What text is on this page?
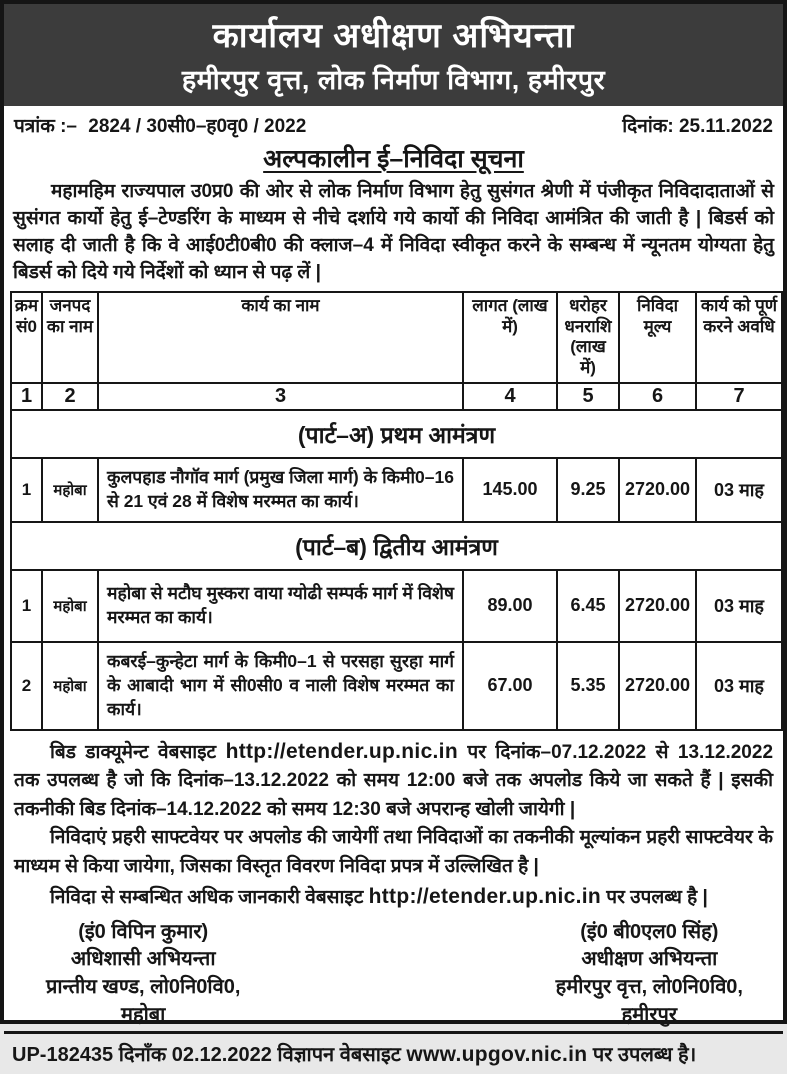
कार्यालय अधीक्षण अभियन्ता
हमीरपुर वृत्त, लोक निर्माण विभाग, हमीरपुर
पत्रांक :– 2824 / 30सी0–ह0वृ0 / 2022	दिनांक: 25.11.2022
अल्पकालीन ई–निविदा सूचना
महामहिम राज्यपाल उ0प्र0 की ओर से लोक निर्माण विभाग हेतु सुसंगत श्रेणी में पंजीकृत निविदादाताओं से सुसंगत कार्यो हेतु ई–टेण्डरिंग के माध्यम से नीचे दर्शाये गये कार्यो की निविदा आमंत्रित की जाती है | बिडर्स को सलाह दी जाती है कि वे आई0टी0बी0 की क्लाज–4 में निविदा स्वीकृत करने के सम्बन्ध में न्यूनतम योग्यता हेतु बिडर्स को दिये गये निर्देशों को ध्यान से पढ़ लें |
क्रम सं0	जनपद का नाम	कार्य का नाम	लागत (लाख में)	धरोहर धनराशि (लाख में)	निविदा मूल्य	कार्य को पूर्ण करने अवधि
1	2	3	4	5	6	7
(पार्ट–अ) प्रथम आमंत्रण						
1	महोबा	कुलपहाड नौगॉव मार्ग (प्रमुख जिला मार्ग) के किमी0–16 से 21 एवं 28 में विशेष मरम्मत का कार्य।	145.00	9.25	2720.00	03 माह
(पार्ट–ब) द्वितीय आमंत्रण						
1	महोबा	महोबा से मटौघ मुस्करा वाया ग्योढी सम्पर्क मार्ग में विशेष मरम्मत का कार्य।	89.00	6.45	2720.00	03 माह
2	महोबा	कबरई–कुन्हेटा मार्ग के किमी0–1 से परसहा सुरहा मार्ग के आबादी भाग में सी0सी0 व नाली विशेष मरम्मत का कार्य।	67.00	5.35	2720.00	03 माह

बिड डाक्यूमेन्ट वेबसाइट http://etender.up.nic.in पर दिनांक–07.12.2022 से 13.12.2022 तक उपलब्ध है जो कि दिनांक–13.12.2022 को समय 12:00 बजे तक अपलोड किये जा सकते हैं | इसकी तकनीकी बिड दिनांक–14.12.2022 को समय 12:30 बजे अपरान्ह खोली जायेगी |

निविदाएं प्रहरी साफ्टवेयर पर अपलोड की जायेगीं तथा निविदाओं का तकनीकी मूल्यांकन प्रहरी साफ्टवेयर के माध्यम से किया जायेगा, जिसका विस्तृत विवरण निविदा प्रपत्र में उल्लिखित है |

निविदा से सम्बन्धित अधिक जानकारी वेबसाइट http://etender.up.nic.in पर उपलब्ध है |

(इं0 विपिन कुमार)
अधिशासी अभियन्ता
प्रान्तीय खण्ड, लो0नि0वि0,
महोबा
(इं0 बी0एल0 सिंह)
अधीक्षण अभियन्ता
हमीरपुर वृत्त, लो0नि0वि0,
हमीरपुर
UP-182435 दिनाँक 02.12.2022 विज्ञापन वेबसाइट www.upgov.nic.in पर उपलब्ध है।
